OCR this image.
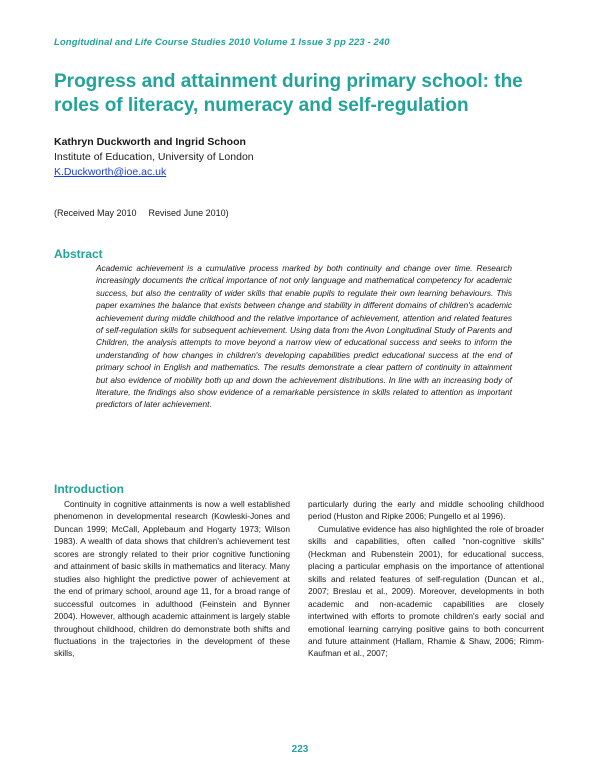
Longitudinal and Life Course Studies 2010 Volume 1 Issue 3 pp 223 - 240
Progress and attainment during primary school: the roles of literacy, numeracy and self-regulation
Kathryn Duckworth and Ingrid Schoon
Institute of Education, University of London
K.Duckworth@ioe.ac.uk
(Received May 2010 Revised June 2010)
Abstract

Academic achievement is a cumulative process marked by both continuity and change over time. Research increasingly documents the critical importance of not only language and mathematical competency for academic success, but also the centrality of wider skills that enable pupils to regulate their own learning behaviours. This paper examines the balance that exists between change and stability in different domains of children's academic achievement during middle childhood and the relative importance of achievement, attention and related features of self-regulation skills for subsequent achievement. Using data from the Avon Longitudinal Study of Parents and Children, the analysis attempts to move beyond a narrow view of educational success and seeks to inform the understanding of how changes in children's developing capabilities predict educational success at the end of primary school in English and mathematics. The results demonstrate a clear pattern of continuity in attainment but also evidence of mobility both up and down the achievement distributions. In line with an increasing body of literature, the findings also show evidence of a remarkable persistence in skills related to attention as important predictors of later achievement.

Introduction

Continuity in cognitive attainments is now a well established phenomenon in developmental research (Kowleski-Jones and Duncan 1999; McCall, Applebaum and Hogarty 1973; Wilson 1983). A wealth of data shows that children's achievement test scores are strongly related to their prior cognitive functioning and attainment of basic skills in mathematics and literacy. Many studies also highlight the predictive power of achievement at the end of primary school, around age 11, for a broad range of successful outcomes in adulthood (Feinstein and Bynner 2004). However, although academic attainment is largely stable throughout childhood, children do demonstrate both shifts and fluctuations in the trajectories in the development of these skills,

particularly during the early and middle schooling childhood period (Huston and Ripke 2006; Pungello et al 1996).

Cumulative evidence has also highlighted the role of broader skills and capabilities, often called “non-cognitive skills” (Heckman and Rubenstein 2001), for educational success, placing a particular emphasis on the importance of attentional skills and related features of self-regulation (Duncan et al., 2007; Breslau et al., 2009). Moreover, developments in both academic and non-academic capabilities are closely intertwined with efforts to promote children's early social and emotional learning carrying positive gains to both concurrent and future attainment (Hallam, Rhamie & Shaw, 2006; Rimm-Kaufman et al., 2007;

223
